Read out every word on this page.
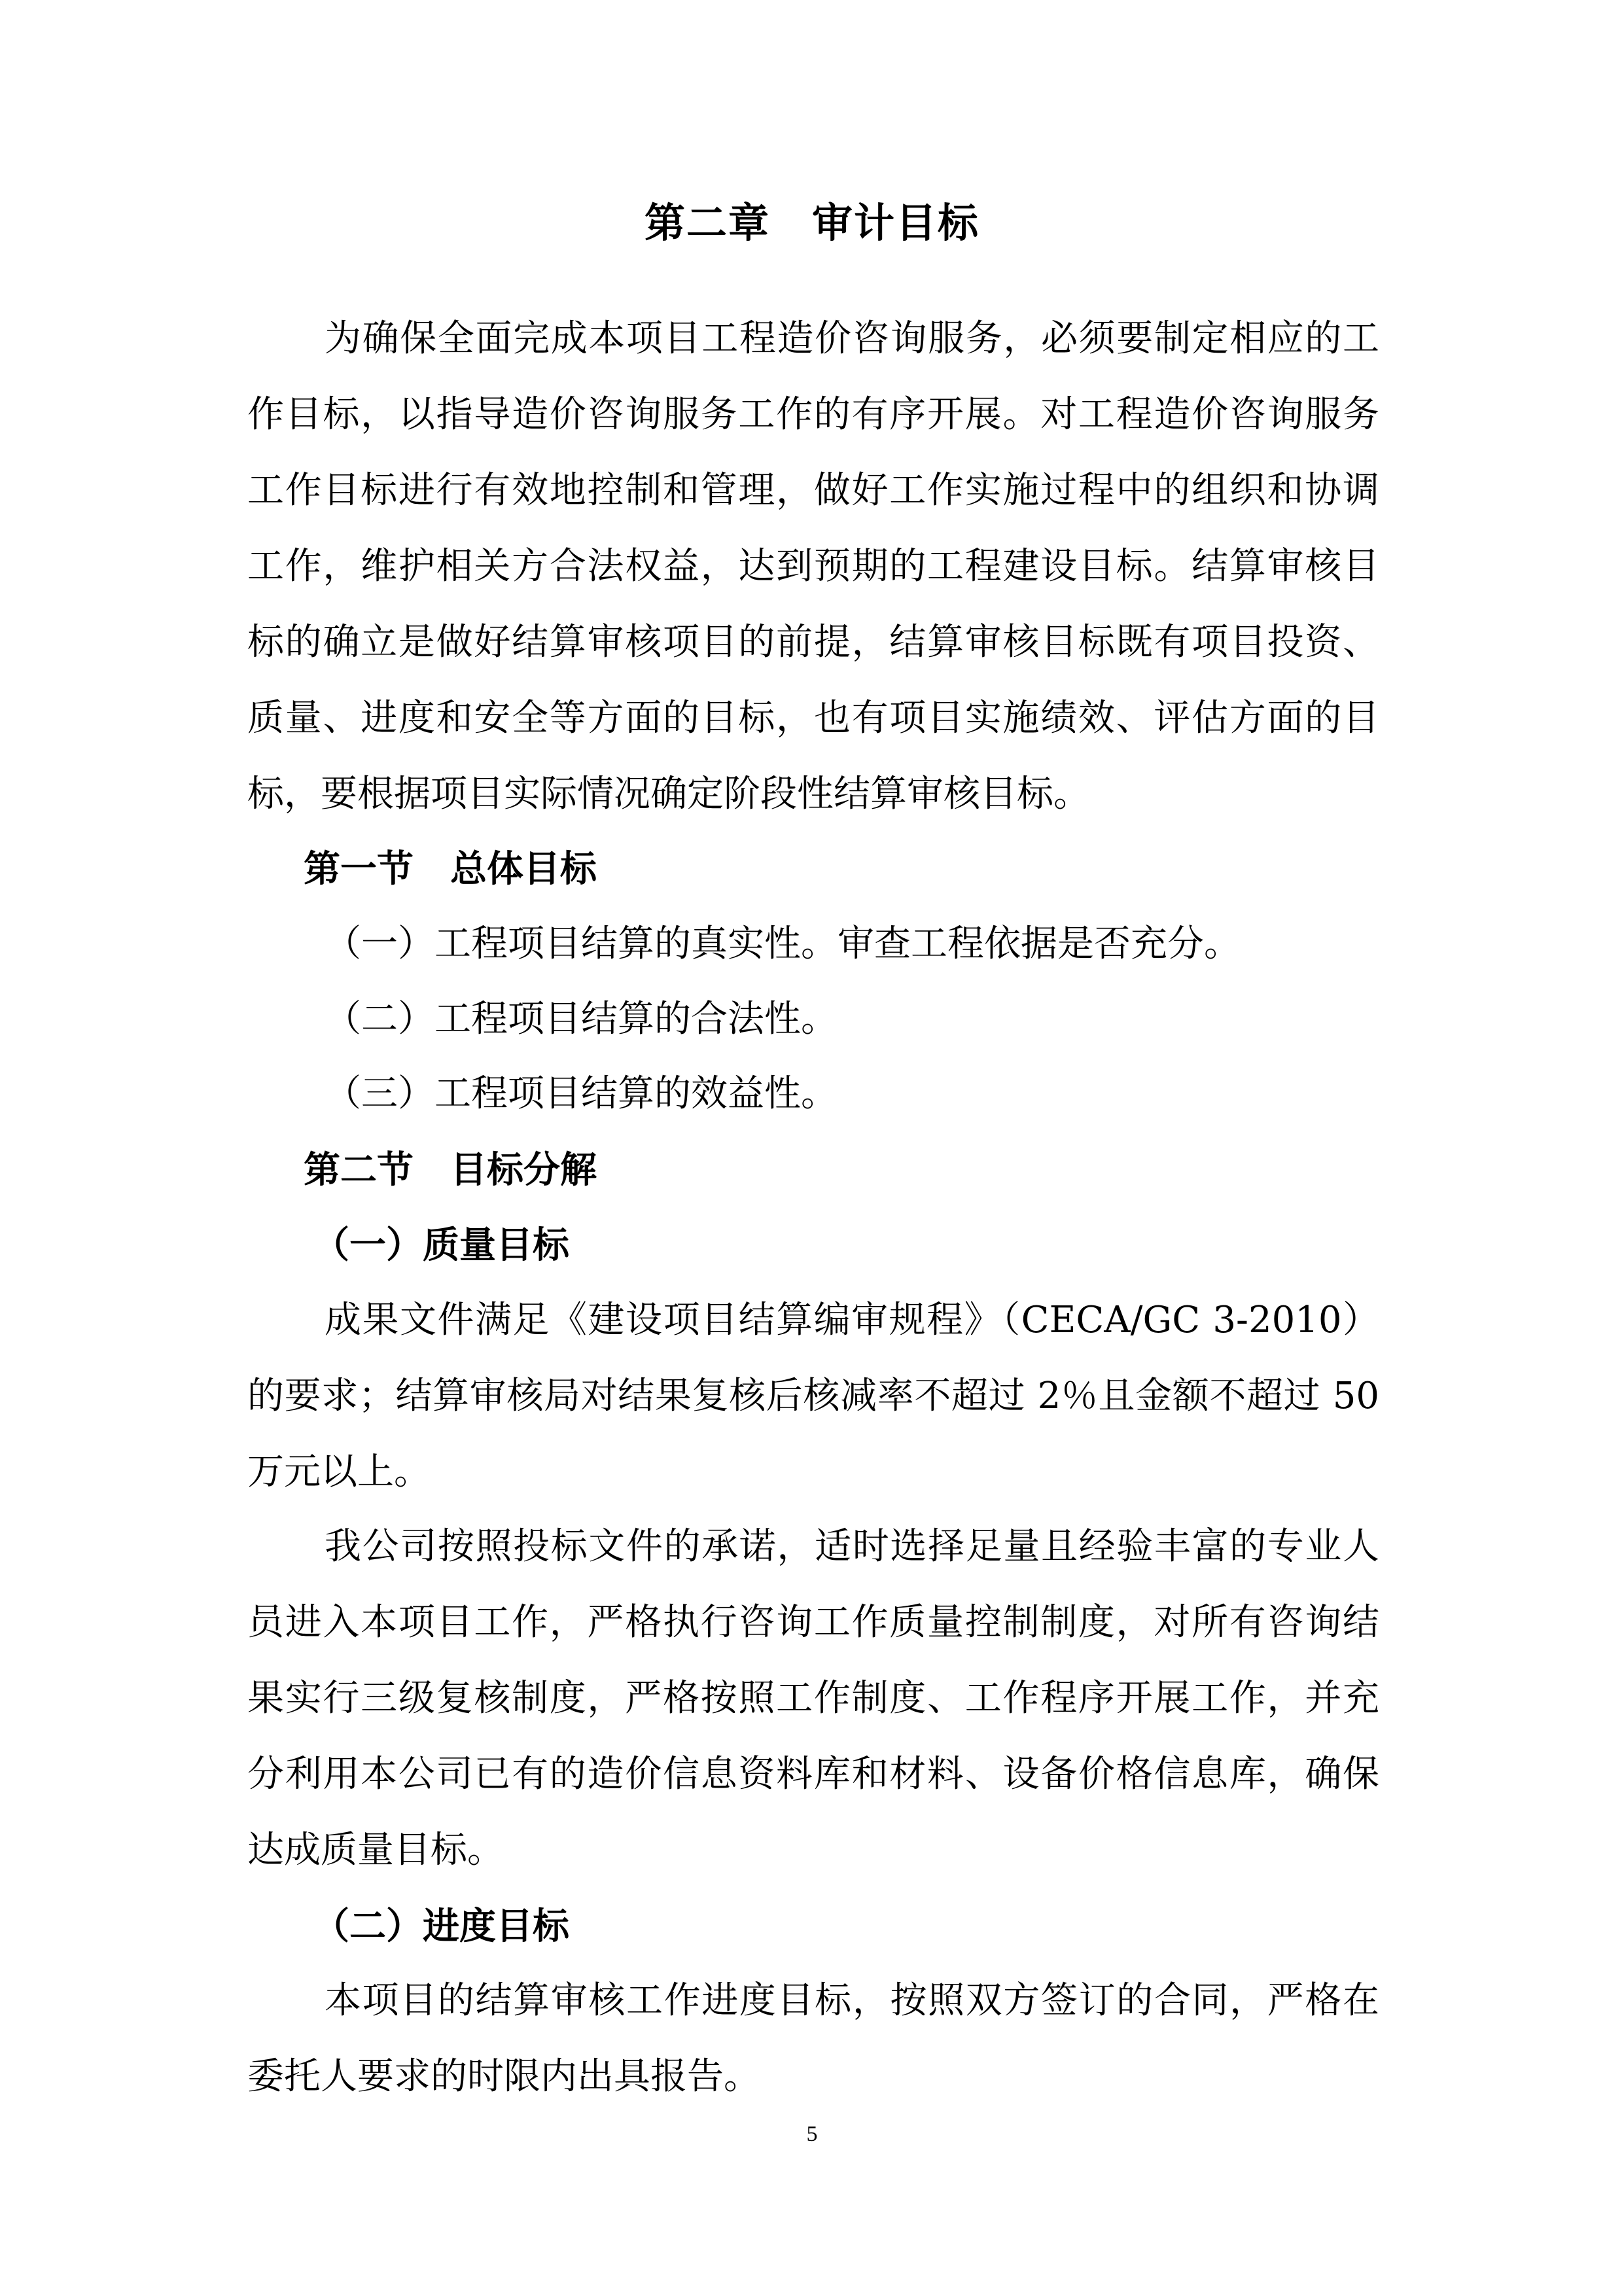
第二章　审计目标

为确保全面完成本项目工程造价咨询服务，必须要制定相应的工作目标，以指导造价咨询服务工作的有序开展。对工程造价咨询服务工作目标进行有效地控制和管理，做好工作实施过程中的组织和协调工作，维护相关方合法权益，达到预期的工程建设目标。结算审核目标的确立是做好结算审核项目的前提，结算审核目标既有项目投资、质量、进度和安全等方面的目标，也有项目实施绩效、评估方面的目标，要根据项目实际情况确定阶段性结算审核目标。

第一节　总体目标
（一）工程项目结算的真实性。审查工程依据是否充分。
（二）工程项目结算的合法性。
（三）工程项目结算的效益性。
第二节　目标分解
（一）质量目标

成果文件满足《建设项目结算编审规程》（CECA/GC 3-2010）的要求；结算审核局对结果复核后核减率不超过 2％且金额不超过 50 万元以上。

我公司按照投标文件的承诺，适时选择足量且经验丰富的专业人员进入本项目工作，严格执行咨询工作质量控制制度，对所有咨询结果实行三级复核制度，严格按照工作制度、工作程序开展工作，并充分利用本公司已有的造价信息资料库和材料、设备价格信息库，确保达成质量目标。

（二）进度目标

本项目的结算审核工作进度目标，按照双方签订的合同，严格在委托人要求的时限内出具报告。

5
